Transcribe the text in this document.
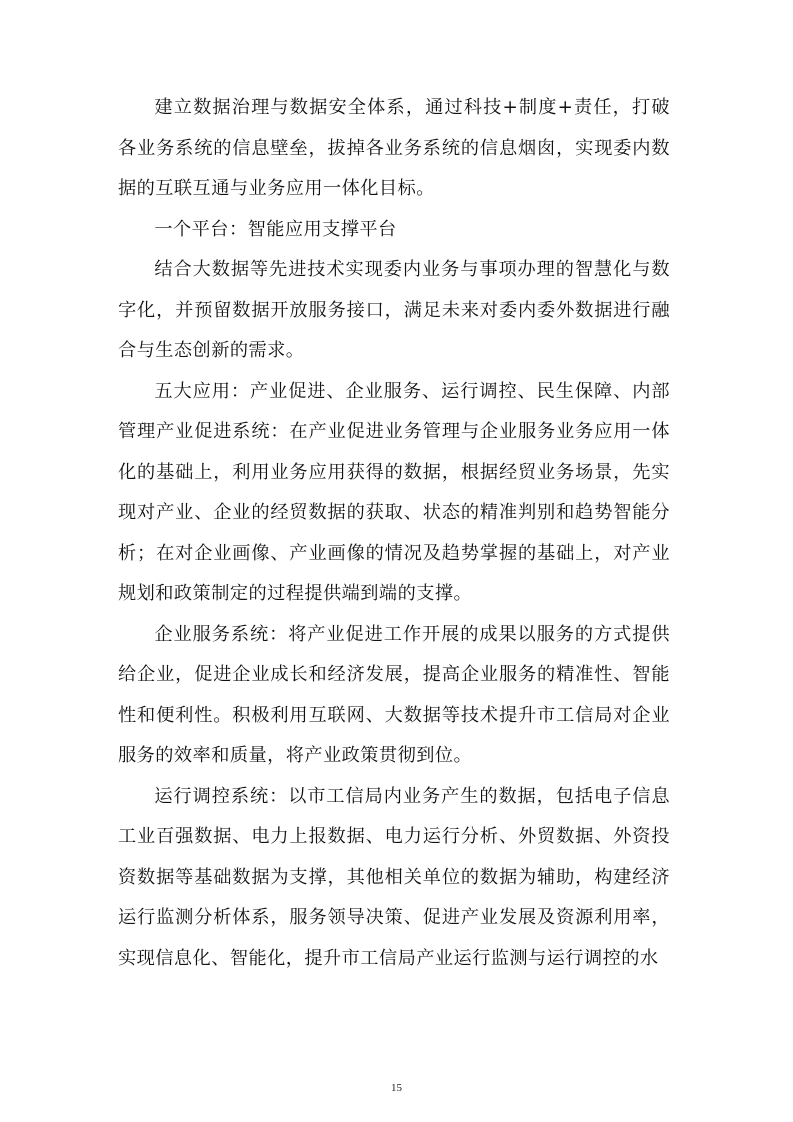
建立数据治理与数据安全体系，通过科技+制度+责任，打破各业务系统的信息壁垒，拔掉各业务系统的信息烟囱，实现委内数据的互联互通与业务应用一体化目标。

一个平台：智能应用支撑平台

结合大数据等先进技术实现委内业务与事项办理的智慧化与数字化，并预留数据开放服务接口，满足未来对委内委外数据进行融合与生态创新的需求。

五大应用：产业促进、企业服务、运行调控、民生保障、内部管理产业促进系统：在产业促进业务管理与企业服务业务应用一体化的基础上，利用业务应用获得的数据，根据经贸业务场景，先实现对产业、企业的经贸数据的获取、状态的精准判别和趋势智能分析；在对企业画像、产业画像的情况及趋势掌握的基础上，对产业规划和政策制定的过程提供端到端的支撑。

企业服务系统：将产业促进工作开展的成果以服务的方式提供给企业，促进企业成长和经济发展，提高企业服务的精准性、智能性和便利性。积极利用互联网、大数据等技术提升市工信局对企业服务的效率和质量，将产业政策贯彻到位。

运行调控系统：以市工信局内业务产生的数据，包括电子信息工业百强数据、电力上报数据、电力运行分析、外贸数据、外资投资数据等基础数据为支撑，其他相关单位的数据为辅助，构建经济运行监测分析体系，服务领导决策、促进产业发展及资源利用率，实现信息化、智能化，提升市工信局产业运行监测与运行调控的水

15
